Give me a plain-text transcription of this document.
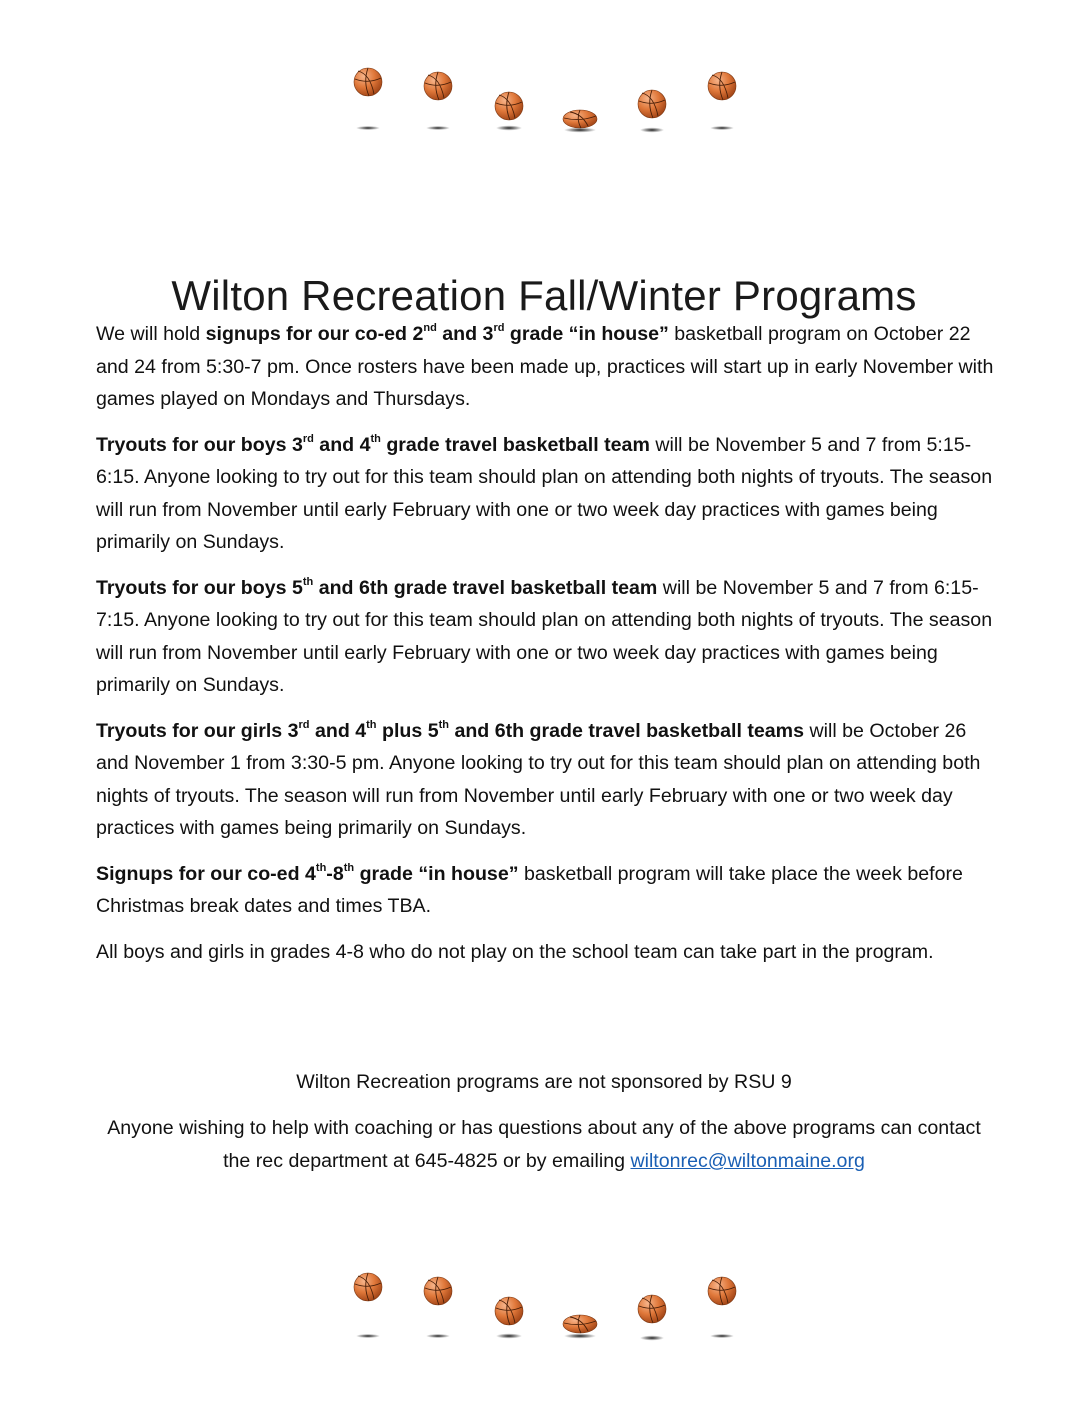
Wilton Recreation Fall/Winter Programs

We will hold signups for our co-ed 2nd and 3rd grade “in house” basketball program on October 22 and 24 from 5:30-7 pm. Once rosters have been made up, practices will start up in early November with games played on Mondays and Thursdays.

Tryouts for our boys 3rd and 4th grade travel basketball team will be November 5 and 7 from 5:15-6:15. Anyone looking to try out for this team should plan on attending both nights of tryouts. The season will run from November until early February with one or two week day practices with games being primarily on Sundays.

Tryouts for our boys 5th and 6th grade travel basketball team will be November 5 and 7 from 6:15-7:15. Anyone looking to try out for this team should plan on attending both nights of tryouts. The season will run from November until early February with one or two week day practices with games being primarily on Sundays.

Tryouts for our girls 3rd and 4th plus 5th and 6th grade travel basketball teams will be October 26 and November 1 from 3:30-5 pm. Anyone looking to try out for this team should plan on attending both nights of tryouts. The season will run from November until early February with one or two week day practices with games being primarily on Sundays.

Signups for our co-ed 4th-8th grade “in house” basketball program will take place the week before Christmas break dates and times TBA.

All boys and girls in grades 4-8 who do not play on the school team can take part in the program.

Wilton Recreation programs are not sponsored by RSU 9
Anyone wishing to help with coaching or has questions about any of the above programs can contact the rec department at 645-4825 or by emailing wiltonrec@wiltonmaine.org
